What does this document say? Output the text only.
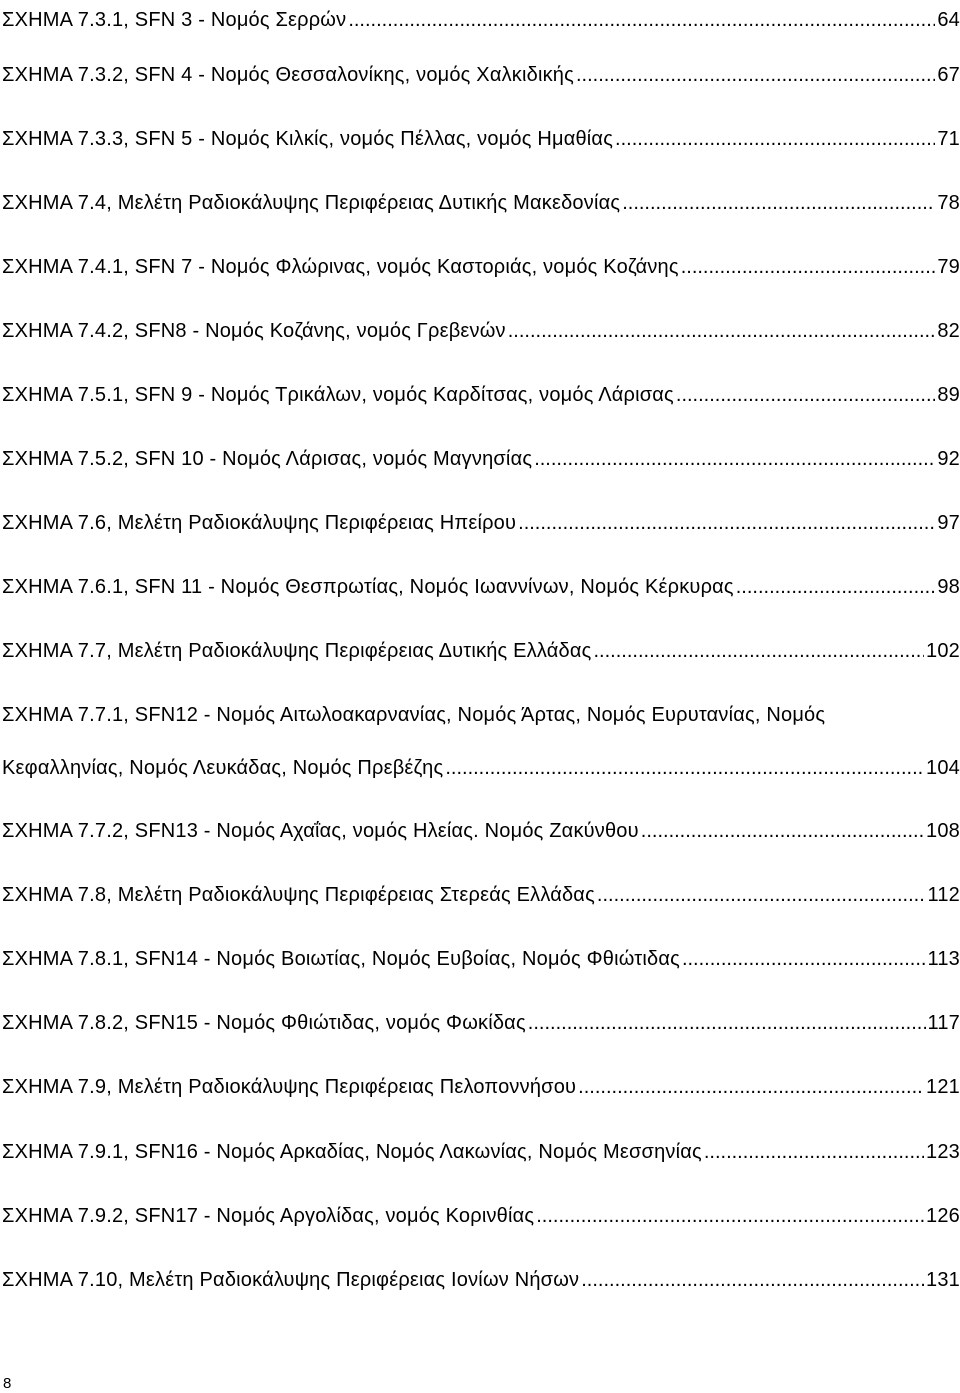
ΣΧΗΜΑ 7.3.1, SFN 3 - Νομός Σερρών .....	64
ΣΧΗΜΑ 7.3.2, SFN 4 - Νομός Θεσσαλονίκης, νομός Χαλκιδικής .....	67
ΣΧΗΜΑ 7.3.3, SFN 5 - Νομός Κιλκίς, νομός Πέλλας, νομός Ημαθίας .....	71
ΣΧΗΜΑ 7.4, Μελέτη Ραδιοκάλυψης Περιφέρειας Δυτικής Μακεδονίας .....	78
ΣΧΗΜΑ 7.4.1, SFN 7 - Νομός Φλώρινας, νομός Καστοριάς, νομός Κοζάνης .....	79
ΣΧΗΜΑ 7.4.2, SFN8 - Νομός Κοζάνης, νομός Γρεβενών .....	82
ΣΧΗΜΑ 7.5.1, SFN 9 - Νομός Τρικάλων, νομός Καρδίτσας, νομός Λάρισας .....	89
ΣΧΗΜΑ 7.5.2, SFN 10 - Νομός Λάρισας, νομός Μαγνησίας .....	92
ΣΧΗΜΑ 7.6, Μελέτη Ραδιοκάλυψης Περιφέρειας Ηπείρου .....	97
ΣΧΗΜΑ 7.6.1, SFN 11 - Νομός Θεσπρωτίας, Νομός Ιωαννίνων, Νομός Κέρκυρας .....	98
ΣΧΗΜΑ 7.7, Μελέτη Ραδιοκάλυψης Περιφέρειας Δυτικής Ελλάδας .....	102
ΣΧΗΜΑ 7.7.1, SFN12 - Νομός Αιτωλοακαρνανίας, Νομός Άρτας, Νομός Ευρυτανίας, Νομός
Κεφαλληνίας, Νομός Λευκάδας, Νομός Πρεβέζης .....	104
ΣΧΗΜΑ 7.7.2, SFN13 - Νομός Αχαΐας, νομός Ηλείας. Νομός Ζακύνθου .....	108
ΣΧΗΜΑ 7.8, Μελέτη Ραδιοκάλυψης Περιφέρειας Στερεάς Ελλάδας .....	112
ΣΧΗΜΑ 7.8.1, SFN14 - Νομός Βοιωτίας, Νομός Ευβοίας, Νομός Φθιώτιδας .....	113
ΣΧΗΜΑ 7.8.2, SFN15 - Νομός Φθιώτιδας, νομός Φωκίδας .....	117
ΣΧΗΜΑ 7.9, Μελέτη Ραδιοκάλυψης Περιφέρειας Πελοποννήσου .....	121
ΣΧΗΜΑ 7.9.1, SFN16 - Νομός Αρκαδίας, Νομός Λακωνίας, Νομός Μεσσηνίας .....	123
ΣΧΗΜΑ 7.9.2, SFN17 - Νομός Αργολίδας, νομός Κορινθίας .....	126
ΣΧΗΜΑ 7.10, Μελέτη Ραδιοκάλυψης Περιφέρειας Ιονίων Νήσων .....	131
8
